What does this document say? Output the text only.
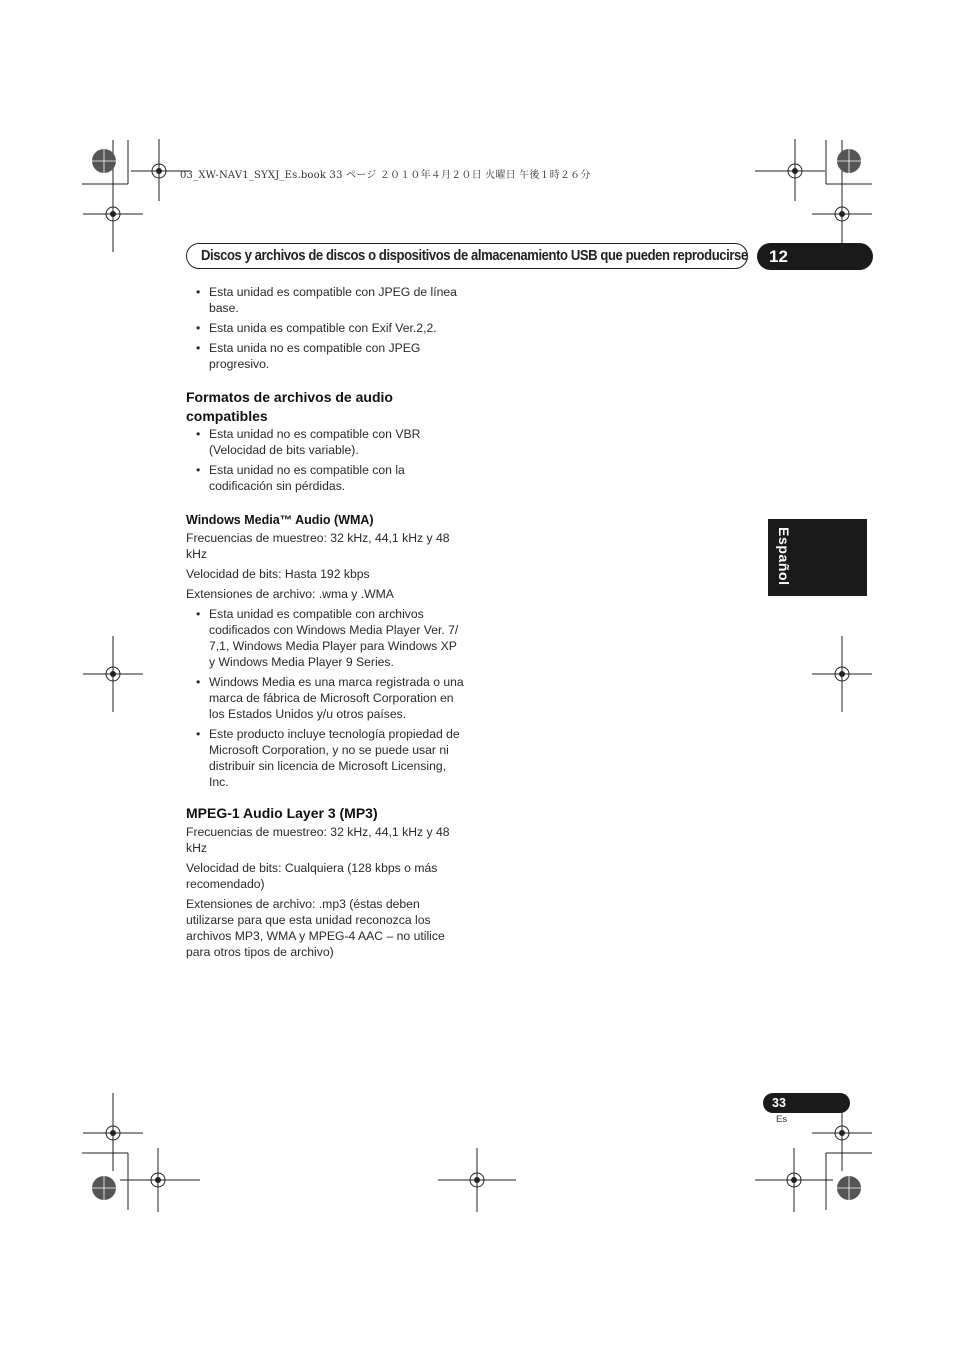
03_XW-NAV1_SYXJ_Es.book 33 ページ ２０１０年４月２０日 火曜日 午後１時２６分
Discos y archivos de discos o dispositivos de almacenamiento USB que pueden reproducirse	12
Español
• Esta unidad es compatible con JPEG de línea base.
• Esta unida es compatible con Exif Ver.2,2.
• Esta unida no es compatible con JPEG progresivo.
Formatos de archivos de audio compatibles
• Esta unidad no es compatible con VBR (Velocidad de bits variable).
• Esta unidad no es compatible con la codificación sin pérdidas.
Windows Media™ Audio (WMA)

Frecuencias de muestreo: 32 kHz, 44,1 kHz y 48 kHz

Velocidad de bits: Hasta 192 kbps

Extensiones de archivo: .wma y .WMA

• Esta unidad es compatible con archivos codificados con Windows Media Player Ver. 7/ 7,1, Windows Media Player para Windows XP y Windows Media Player 9 Series.
• Windows Media es una marca registrada o una marca de fábrica de Microsoft Corporation en los Estados Unidos y/u otros países.
• Este producto incluye tecnología propiedad de Microsoft Corporation, y no se puede usar ni distribuir sin licencia de Microsoft Licensing, Inc.
MPEG-1 Audio Layer 3 (MP3)

Frecuencias de muestreo: 32 kHz, 44,1 kHz y 48 kHz

Velocidad de bits: Cualquiera (128 kbps o más recomendado)

Extensiones de archivo: .mp3 (éstas deben utilizarse para que esta unidad reconozca los archivos MP3, WMA y MPEG-4 AAC – no utilice para otros tipos de archivo)

33
Es
